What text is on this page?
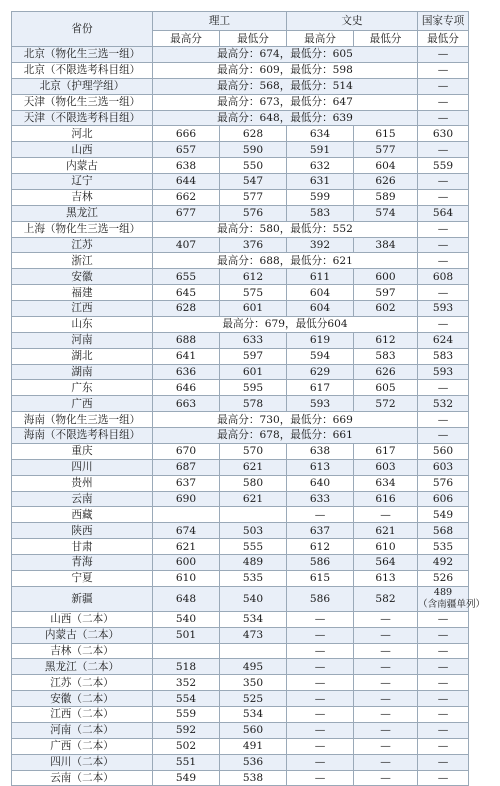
省份	理工		文史		国家专项
	最高分	最低分	最高分	最低分	最低分
北京（物化生三选一组）	最高分：674，最低分：605				—
北京（不限选考科目组）	最高分：609，最低分：598				—
北京（护理学组）	最高分：568，最低分：514				—
天津（物化生三选一组）	最高分：673，最低分：647				—
天津（不限选考科目组）	最高分：648，最低分：639				—
河北	666	628	634	615	630
山西	657	590	591	577	—
内蒙古	638	550	632	604	559
辽宁	644	547	631	626	—
吉林	662	577	599	589	—
黑龙江	677	576	583	574	564
上海（物化生三选一组）	最高分：580，最低分：552				—
江苏	407	376	392	384	—
浙江	最高分：688，最低分：621				—
安徽	655	612	611	600	608
福建	645	575	604	597	—
江西	628	601	604	602	593
山东	最高分：679，最低分604				—
河南	688	633	619	612	624
湖北	641	597	594	583	583
湖南	636	601	629	626	593
广东	646	595	617	605	—
广西	663	578	593	572	532
海南（物化生三选一组）	最高分：730，最低分：669				—
海南（不限选考科目组）	最高分：678，最低分：661				—
重庆	670	570	638	617	560
四川	687	621	613	603	603
贵州	637	580	640	634	576
云南	690	621	633	616	606
西藏			—	—	549
陕西	674	503	637	621	568
甘肃	621	555	612	610	535
青海	600	489	586	564	492
宁夏	610	535	615	613	526
新疆	648	540	586	582	489
（含南疆单列）

山西（二本）	540	534	—	—	—
内蒙古（二本）	501	473	—	—	—
吉林（二本）			—	—	—
黑龙江（二本）	518	495	—	—	—
江苏（二本）	352	350	—	—	—
安徽（二本）	554	525	—	—	—
江西（二本）	559	534	—	—	—
河南（二本）	592	560	—	—	—
广西（二本）	502	491	—	—	—
四川（二本）	551	536	—	—	—
云南（二本）	549	538	—	—	—
